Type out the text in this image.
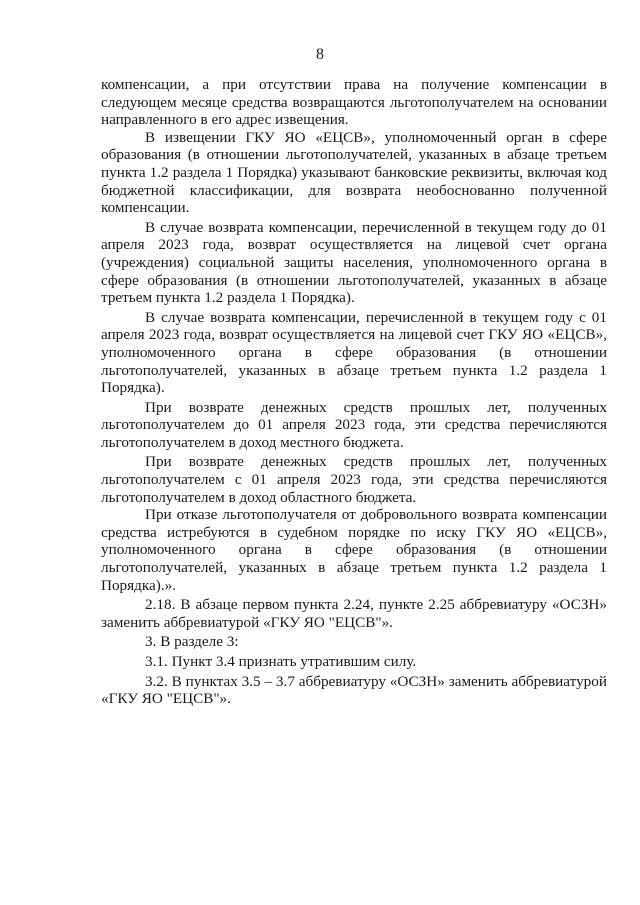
8

компенсации, а при отсутствии права на получение компенсации в следующем месяце средства возвращаются льготополучателем на основании направленного в его адрес извещения.

В извещении ГКУ ЯО «ЕЦСВ», уполномоченный орган в сфере образования (в отношении льготополучателей, указанных в абзаце третьем пункта 1.2 раздела 1 Порядка) указывают банковские реквизиты, включая код бюджетной классификации, для возврата необоснованно полученной компенсации.

В случае возврата компенсации, перечисленной в текущем году до 01 апреля 2023 года, возврат осуществляется на лицевой счет органа (учреждения) социальной защиты населения, уполномоченного органа в сфере образования (в отношении льготополучателей, указанных в абзаце третьем пункта 1.2 раздела 1 Порядка).

В случае возврата компенсации, перечисленной в текущем году с 01 апреля 2023 года, возврат осуществляется на лицевой счет ГКУ ЯО «ЕЦСВ», уполномоченного органа в сфере образования (в отношении льготополучателей, указанных в абзаце третьем пункта 1.2 раздела 1 Порядка).

При возврате денежных средств прошлых лет, полученных льготополучателем до 01 апреля 2023 года, эти средства перечисляются льготополучателем в доход местного бюджета.

При возврате денежных средств прошлых лет, полученных льготополучателем с 01 апреля 2023 года, эти средства перечисляются льготополучателем в доход областного бюджета.

При отказе льготополучателя от добровольного возврата компенсации средства истребуются в судебном порядке по иску ГКУ ЯО «ЕЦСВ», уполномоченного органа в сфере образования (в отношении льготополучателей, указанных в абзаце третьем пункта 1.2 раздела 1 Порядка).».

2.18. В абзаце первом пункта 2.24, пункте 2.25 аббревиатуру «ОСЗН» заменить аббревиатурой «ГКУ ЯО "ЕЦСВ"».

3. В разделе 3:

3.1. Пункт 3.4 признать утратившим силу.

3.2. В пунктах 3.5 – 3.7 аббревиатуру «ОСЗН» заменить аббревиатурой «ГКУ ЯО "ЕЦСВ"».
